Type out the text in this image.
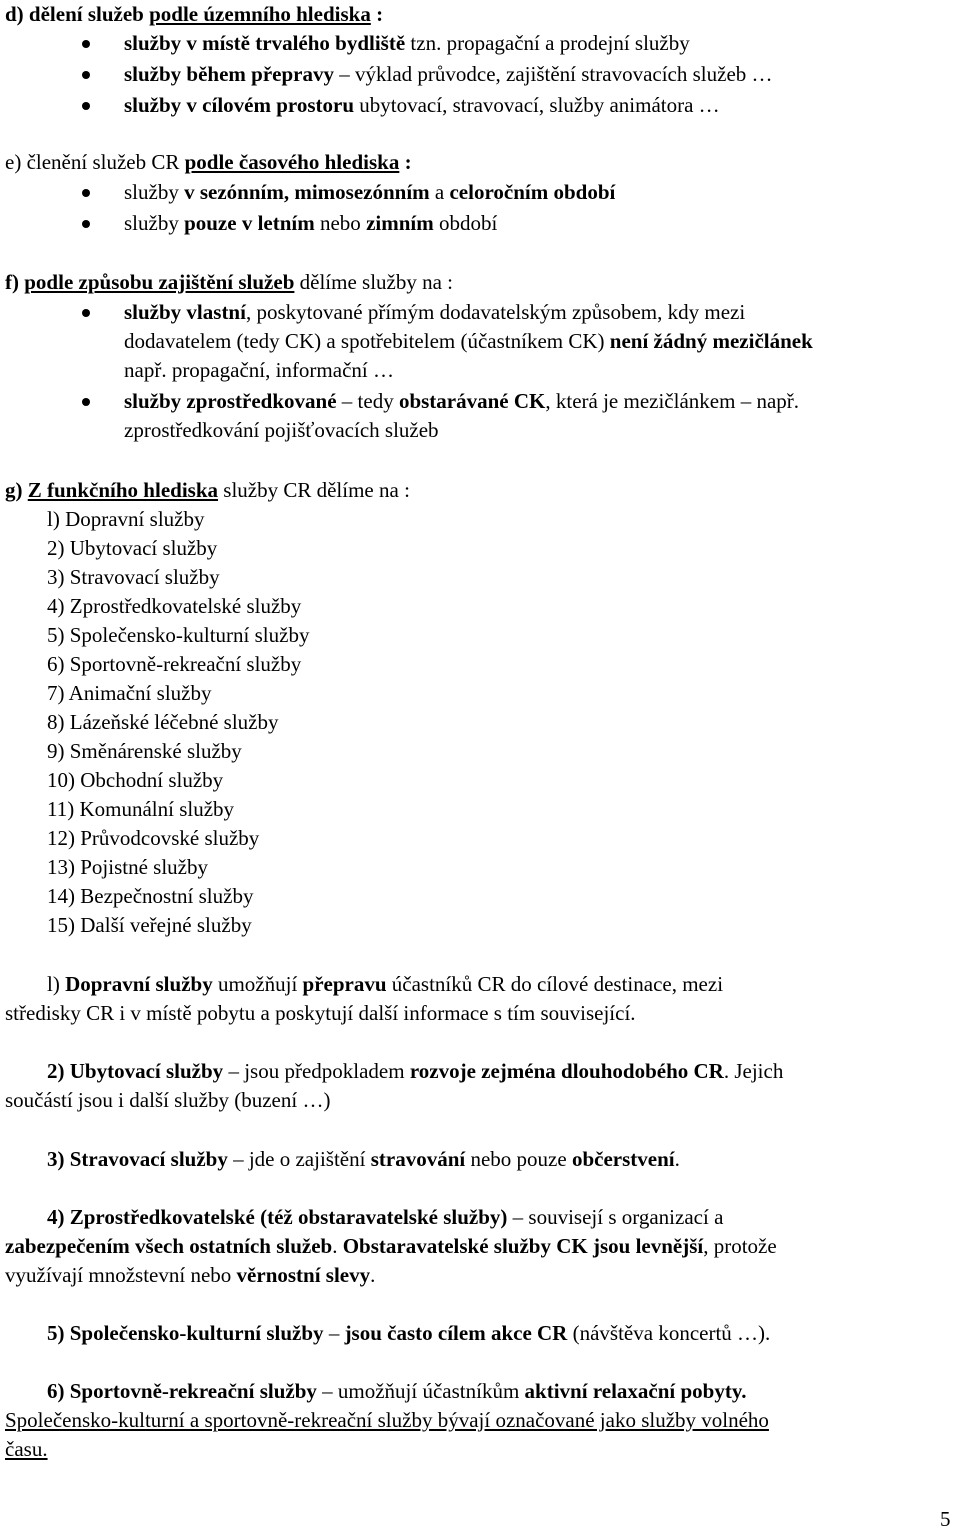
d) dělení služeb podle územního hlediska :
služby v místě trvalého bydliště tzn. propagační a prodejní služby
služby během přepravy – výklad průvodce, zajištění stravovacích služeb …
služby v cílovém prostoru ubytovací, stravovací, služby animátora …
e) členění služeb CR podle časového hlediska :
služby v sezónním, mimosezónním a celoročním období
služby pouze v letním nebo zimním období
f) podle způsobu zajištění služeb dělíme služby na :
služby vlastní, poskytované přímým dodavatelským způsobem, kdy mezi
dodavatelem (tedy CK) a spotřebitelem (účastníkem CK) není žádný mezičlánek
např. propagační, informační …
služby zprostředkované – tedy obstarávané CK, která je mezičlánkem – např.
zprostředkování pojišťovacích služeb
g) Z funkčního hlediska služby CR dělíme na :
l) Dopravní služby
2) Ubytovací služby
3) Stravovací služby
4) Zprostředkovatelské služby
5) Společensko-kulturní služby
6) Sportovně-rekreační služby
7) Animační služby
8) Lázeňské léčebné služby
9) Směnárenské služby
10) Obchodní služby
11) Komunální služby
12) Průvodcovské služby
13) Pojistné služby
14) Bezpečnostní služby
15) Další veřejné služby
l) Dopravní služby umožňují přepravu účastníků CR do cílové destinace, mezi
středisky CR i v místě pobytu a poskytují další informace s tím související.
2) Ubytovací služby – jsou předpokladem rozvoje zejména dlouhodobého CR. Jejich
součástí jsou i další služby (buzení …)
3) Stravovací služby – jde o zajištění stravování nebo pouze občerstvení.
4) Zprostředkovatelské (též obstaravatelské služby) – souvisejí s organizací a
zabezpečením všech ostatních služeb. Obstaravatelské služby CK jsou levnější, protože
využívají množstevní nebo věrnostní slevy.
5) Společensko-kulturní služby – jsou často cílem akce CR (návštěva koncertů …).
6) Sportovně-rekreační služby – umožňují účastníkům aktivní relaxační pobyty.
Společensko-kulturní a sportovně-rekreační služby bývají označované jako služby volného
času.
5
